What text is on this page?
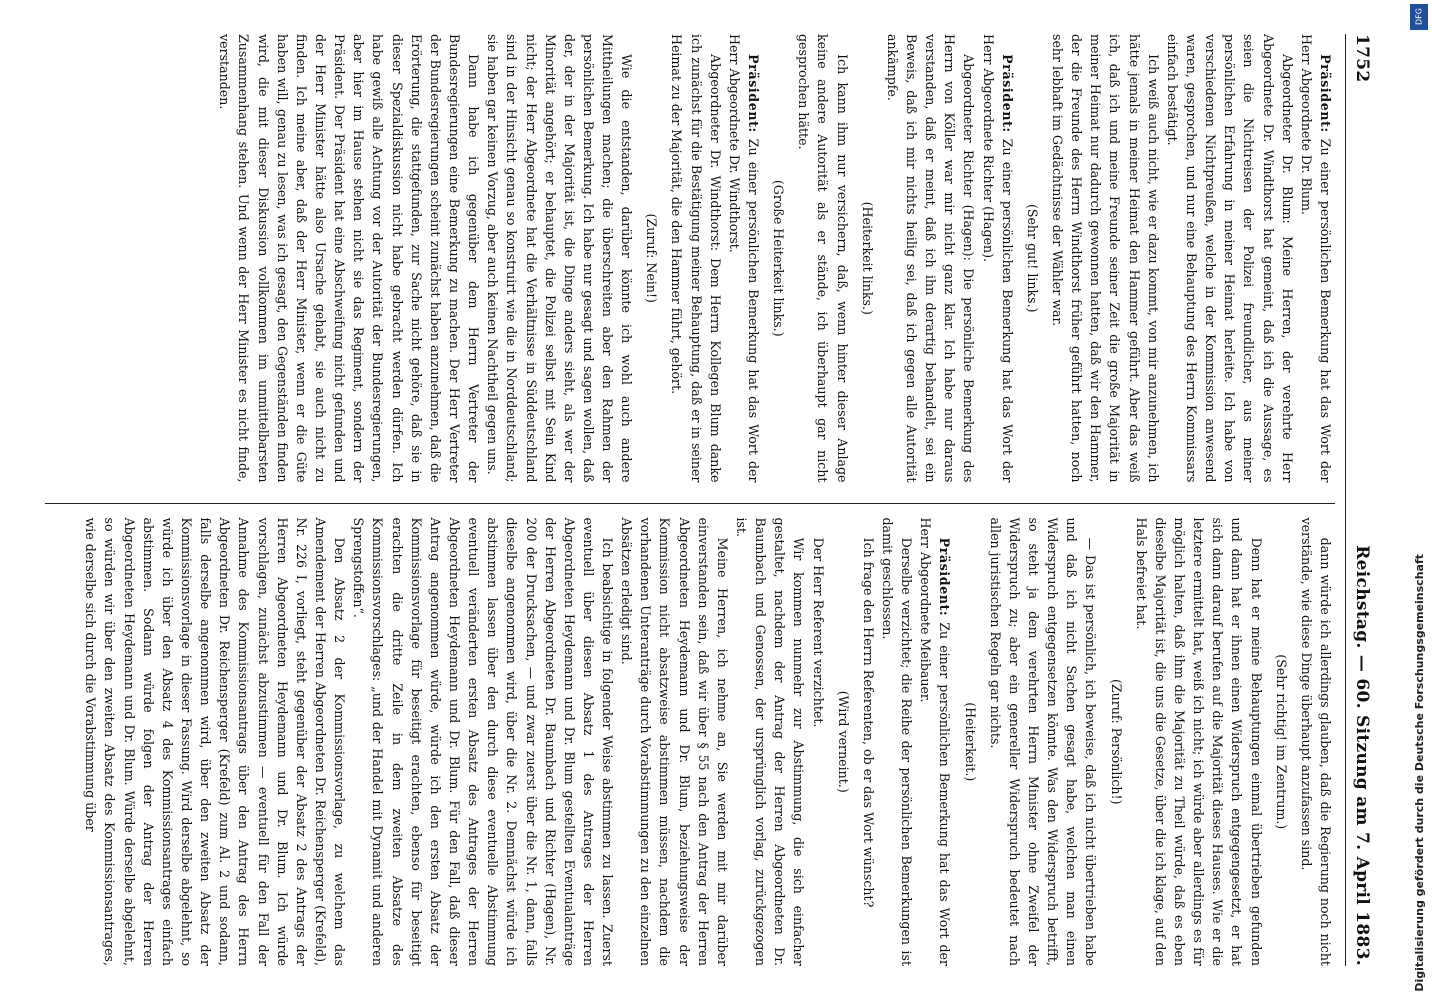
1752
Reichstag. — 60. Sitzung am 7. April 1883.

Präsident: Zu einer persönlichen Bemerkung hat das Wort der Herr Abgeordnete Dr. Blum.

Abgeordneter Dr. Blum: Meine Herren, der verehrte Herr Abgeordnete Dr. Windthorst hat gemeint, daß ich die Aussage, es seien die Nichtreisen der Polizei freundlicher, aus meiner persönlichen Erfahrung in meiner Heimat herleite. Ich habe von verschiedenen Nichtpreußen, welche in der Kommission anwesend waren, gesprochen, und nur eine Behauptung des Herrn Kommissars einfach bestätigt.

Ich weiß auch nicht, wie er dazu kommt, von mir anzunehmen, ich hätte jemals in meiner Heimat den Hammer geführt. Aber das weiß ich, daß ich und meine Freunde seiner Zeit die große Majorität in meiner Heimat nur dadurch gewonnen hatten, daß wir den Hammer, der die Freunde des Herrn Windthorst früher geführt hatten, noch sehr lebhaft im Gedächtnisse der Wähler war.

(Sehr gut! links.)

Präsident: Zu einer persönlichen Bemerkung hat das Wort der Herr Abgeordnete Richter (Hagen).

Abgeordneter Richter (Hagen): Die persönliche Bemerkung des Herrn von Köller war mir nicht ganz klar. Ich habe nur daraus verstanden, daß er meint, daß ich ihn derartig behandelt, sei ein Beweis, daß ich mir nichts heilig sei, daß ich gegen alle Autorität ankämpfe.

(Heiterkeit links.)

Ich kann ihm nur versichern, daß, wenn hinter dieser Anlage keine andere Autorität als er stände, ich überhaupt gar nicht gesprochen hätte.

(Große Heiterkeit links.)

Präsident: Zu einer persönlichen Bemerkung hat das Wort der Herr Abgeordnete Dr. Windthorst.

Abgeordneter Dr. Windthorst: Dem Herrn Kollegen Blum danke ich zunächst für die Bestätigung meiner Behauptung, daß er in seiner Heimat zu der Majorität, die den Hammer führt, gehört.

(Zuruf: Nein!)

Wie die entstanden, darüber könnte ich wohl auch andere Mittheilungen machen; die überschreiten aber den Rahmen der persönlichen Bemerkung. Ich habe nur gesagt und sagen wollen, daß der, der in der Majorität ist, die Dinge anders sieht, als wer der Minorität angehört; er behauptet, die Polizei selbst mit Sein Kind nicht; der Herr Abgeordnete hat die Verhältnisse in Süddeutschland sind in der Hinsicht genau so konstruirt wie die in Norddeutschland; sie haben gar keinen Vorzug, aber auch keinen Nachtheil gegen uns.

Dann habe ich gegenüber dem Herrn Vertreter der Bundesregierungen eine Bemerkung zu machen. Der Herr Vertreter der Bundesregierungen scheint zunächst haben anzunehmen, daß die Erörterung, die stattgefunden, zur Sache nicht gehöre, daß sie in dieser Spezialdiskussion nicht habe gebracht werden dürfen. Ich habe gewiß alle Achtung vor der Autorität der Bundesregierungen, aber hier im Hause stehen nicht sie das Regiment, sondern der Präsident. Der Präsident hat eine Abschweifung nicht gefunden und der Herr Minister hätte also Ursache gehabt, sie auch nicht zu finden. Ich meine aber, daß der Herr Minister, wenn er die Güte haben will, genau zu lesen, was ich gesagt, den Gegenständen finden wird, die mit dieser Diskussion vollkommen im unmittelbarsten Zusammenhang stehen. Und wenn der Herr Minister es nicht finde, verstanden.

dann würde ich allerdings glauben, daß die Regierung noch nicht verstände, wie diese Dinge überhaupt anzufassen sind.

(Sehr richtig! im Zentrum.)

Denn hat er meine Behauptungen einmal übertrieben gefunden und dann hat er ihnen einen Widerspruch entgegengesetzt, er hat sich dann darauf berufen auf die Majorität dieses Hauses. Wie er die letztere ermittelt hat, weiß ich nicht; ich würde aber allerdings es für möglich halten, daß ihm die Majorität zu Theil würde, daß es eben dieselbe Majorität ist, die uns die Gesetze, über die ich klage, auf den Hals befreiet hat.

(Zuruf: Persönlich!)

— Das ist persönlich, ich beweise, daß ich nicht übertrieben habe und daß ich nicht Sachen gesagt habe, welchen man einen Widerspruch entgegensetzen könnte. Was den Widerspruch betrifft, so steht ja dem verehrten Herrn Minister ohne Zweifel der Widerspruch zu; aber ein genereller Widerspruch bedeutet nach allen juristischen Regeln gar nichts.

(Heiterkeit.)

Präsident: Zu einer persönlichen Bemerkung hat das Wort der Herr Abgeordnete Meibauer.

Derselbe verzichtet; die Reihe der persönlichen Bemerkungen ist damit geschlossen.

Ich frage den Herrn Referenten, ob er das Wort wünscht?

(Wird verneint.)

Der Herr Referent verzichtet.

Wir kommen nunmehr zur Abstimmung, die sich einfacher gestaltet, nachdem der Antrag der Herren Abgeordneten Dr. Baumbach und Genossen, der ursprünglich vorlag, zurückgezogen ist.

Meine Herren, ich nehme an, Sie werden mit mir darüber einverstanden sein, daß wir über § 55 nach den Antrag der Herren Abgeordneten Heydemann und Dr. Blum, beziehungsweise der Kommission nicht absatzweise abstimmen müssen, nachdem die vorhandenen Unteranträge durch Vorabstimmungen zu den einzelnen Absätzen erledigt sind.

Ich beabsichtige in folgender Weise abstimmen zu lassen. Zuerst eventuell über diesen Absatz 1 des Antrages der Herren Abgeordneten Heydemann und Dr. Blum gestellten Eventualanträge der Herren Abgeordneten Dr. Baumbach und Richter (Hagen), Nr. 200 der Drucksachen, — und zwar zuerst über die Nr. 1, dann, falls dieselbe angenommen wird, über die Nr. 2. Demnächst würde ich abstimmen lassen über den durch diese eventuelle Abstimmung eventuell veränderten ersten Absatz des Antrages der Herren Abgeordneten Heydemann und Dr. Blum. Für den Fall, daß dieser Antrag angenommen würde, würde ich den ersten Absatz der Kommissionsvorlage für beseitigt erachten, ebenso für beseitigt erachten die dritte Zeile in dem zweiten Absatze des Kommissionsvorschlages: „und der Handel mit Dynamit und anderen Sprengstoffen“.

Den Absatz 2 der Kommissionsvorlage, zu welchem das Amendement der Herren Abgeordneten Dr. Reichensperger (Krefeld), Nr. 226 I, vorliegt, steht gegenüber der Absatz 2 des Antrags der Herren Abgeordneten Heydemann und Dr. Blum. Ich würde vorschlagen, zunächst abzustimmen — eventuell für den Fall der Annahme des Kommissionsantrags über den Antrag des Herrn Abgeordneten Dr. Reichensperger (Krefeld) zum Al. 2 und sodann, falls derselbe angenommen wird, über den zweiten Absatz der Kommissionsvorlage in dieser Fassung. Wird derselbe abgelehnt, so würde ich über den Absatz 4 des Kommissionsantrages einfach abstimmen. Sodann würde folgen der Antrag der Herren Abgeordneten Heydemann und Dr. Blum. Würde derselbe abgelehnt, so würden wir über den zweiten Absatz des Kommissionsantrages, wie derselbe sich durch die Vorabstimmung über	Digitalisierung gefördert durch die Deutsche Forschungsgemeinschaft
DFG
